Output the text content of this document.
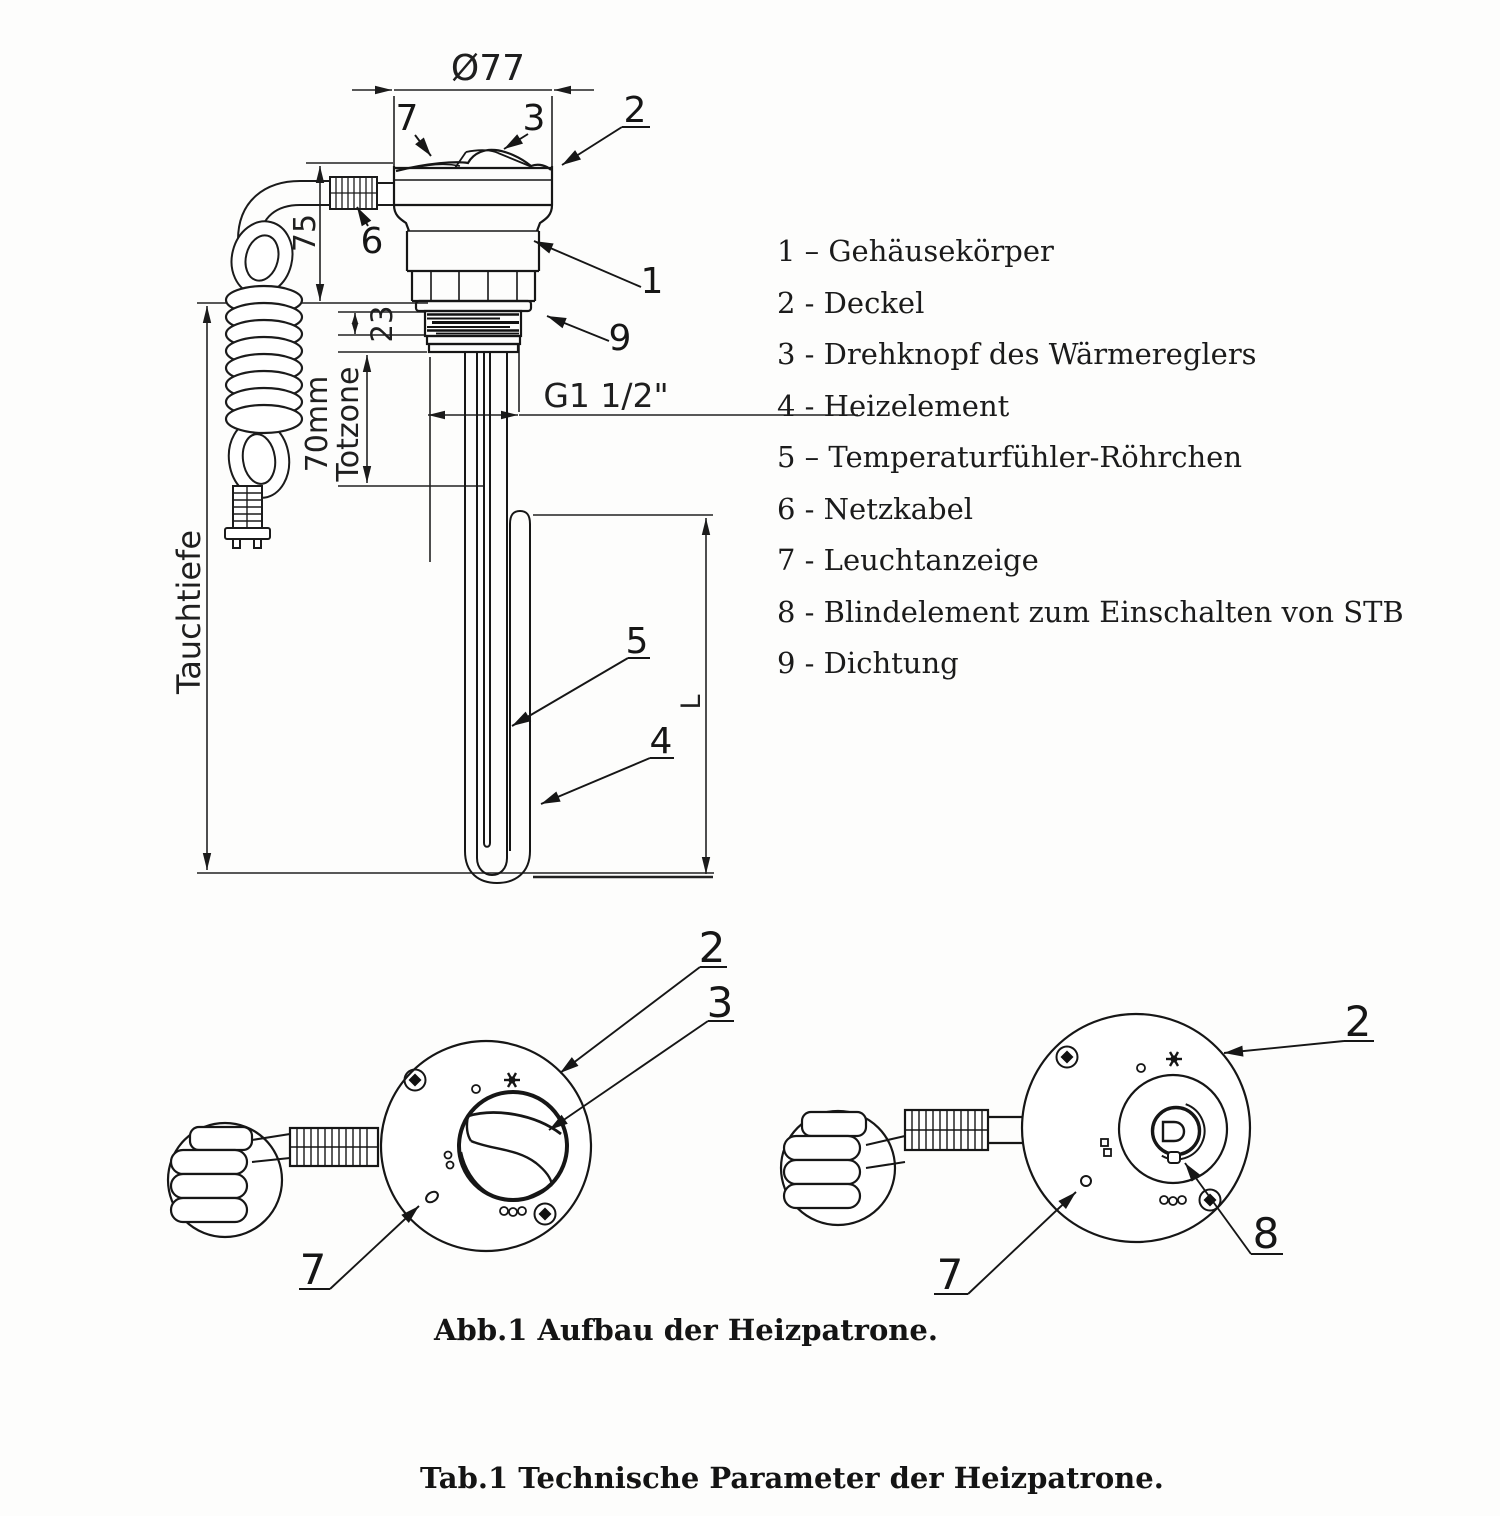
Ø77
75
23
70mm
Totzone
Tauchtiefe
G1 1/2"
L
7	3 2
6
1
9
5
4
2
3
7
2
8
7
1 – Gehäusekörper
2 - Deckel
3 - Drehknopf des Wärmereglers
4 - Heizelement
5 – Temperaturfühler-Röhrchen
6 - Netzkabel
7 - Leuchtanzeige
8 - Blindelement zum Einschalten von STB
9 - Dichtung
Abb.1 Aufbau der Heizpatrone.
Tab.1 Technische Parameter der Heizpatrone.
